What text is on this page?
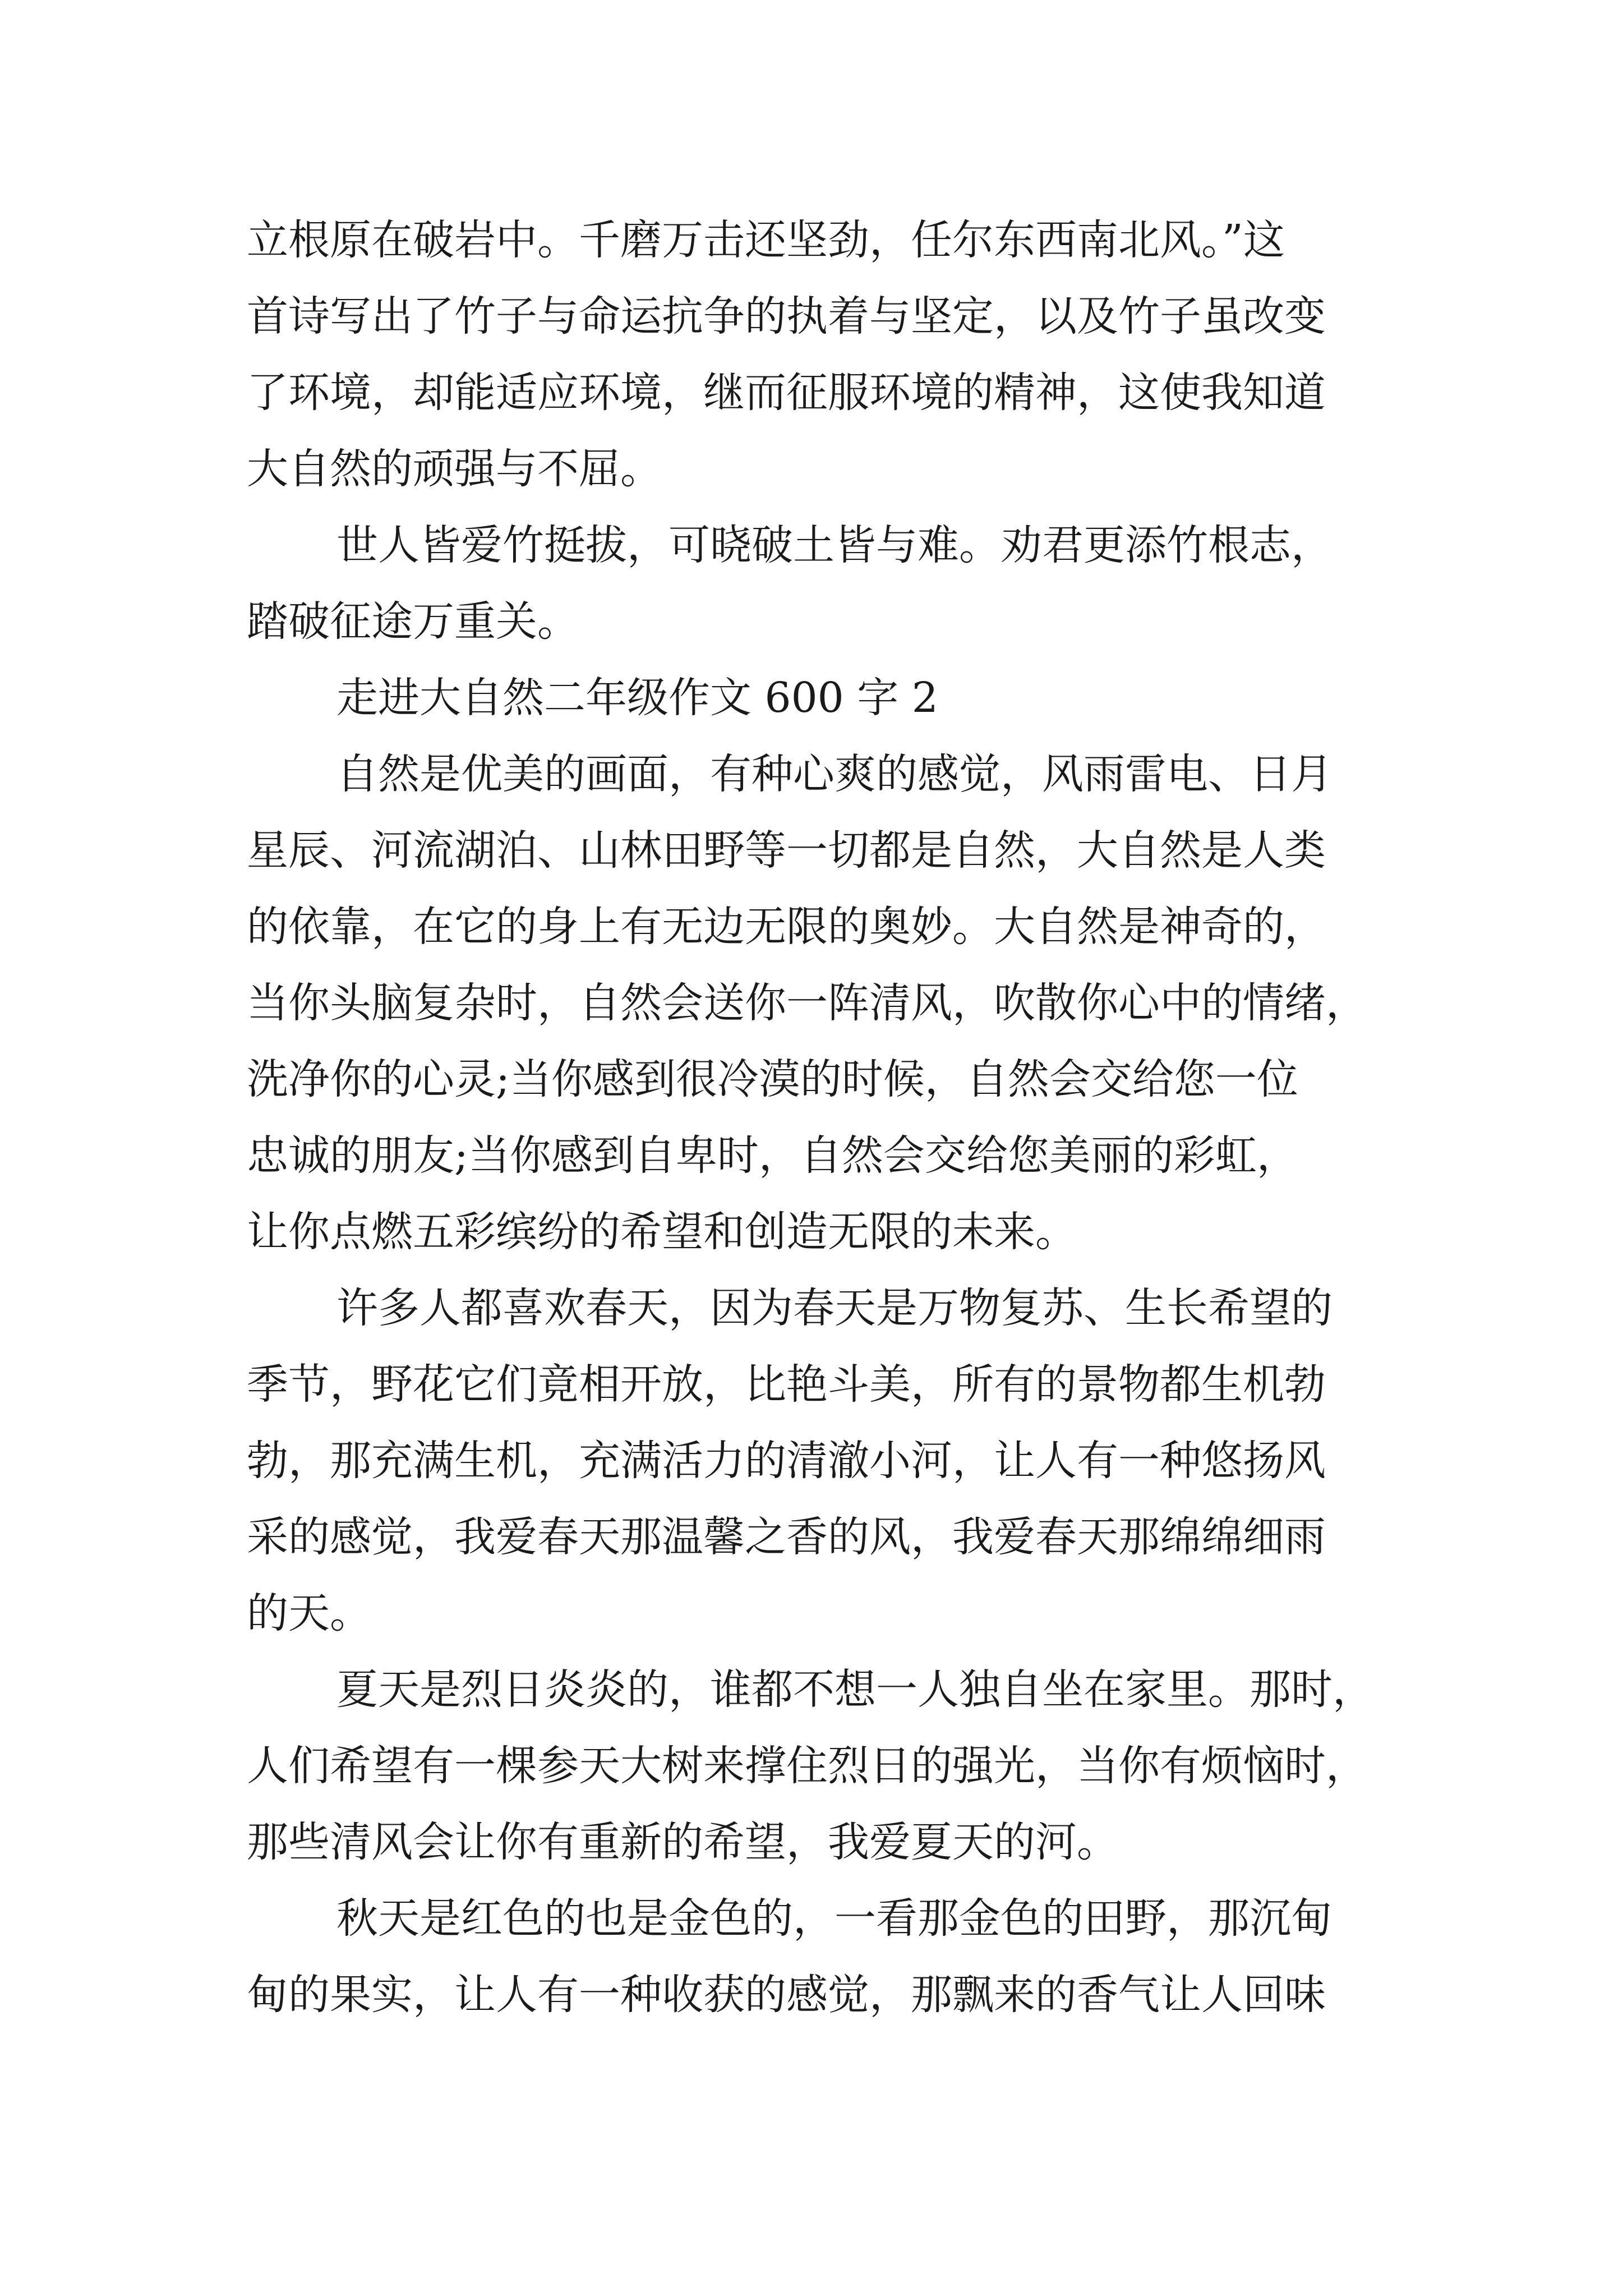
立根原在破岩中。千磨万击还坚劲，任尔东西南北风。”这
首诗写出了竹子与命运抗争的执着与坚定，以及竹子虽改变
了环境，却能适应环境，继而征服环境的精神，这使我知道
大自然的顽强与不屈。
世人皆爱竹挺拔，可晓破土皆与难。劝君更添竹根志，
踏破征途万重关。
走进大自然二年级作文 600 字 2
自然是优美的画面，有种心爽的感觉，风雨雷电、日月
星辰、河流湖泊、山林田野等一切都是自然，大自然是人类
的依靠，在它的身上有无边无限的奥妙。大自然是神奇的，
当你头脑复杂时，自然会送你一阵清风，吹散你心中的情绪，
洗净你的心灵;当你感到很冷漠的时候，自然会交给您一位
忠诚的朋友;当你感到自卑时，自然会交给您美丽的彩虹，
让你点燃五彩缤纷的希望和创造无限的未来。
许多人都喜欢春天，因为春天是万物复苏、生长希望的
季节，野花它们竟相开放，比艳斗美，所有的景物都生机勃
勃，那充满生机，充满活力的清澈小河，让人有一种悠扬风
采的感觉，我爱春天那温馨之香的风，我爱春天那绵绵细雨
的天。
夏天是烈日炎炎的，谁都不想一人独自坐在家里。那时，
人们希望有一棵参天大树来撑住烈日的强光，当你有烦恼时，
那些清风会让你有重新的希望，我爱夏天的河。
秋天是红色的也是金色的，一看那金色的田野，那沉甸
甸的果实，让人有一种收获的感觉，那飘来的香气让人回味
